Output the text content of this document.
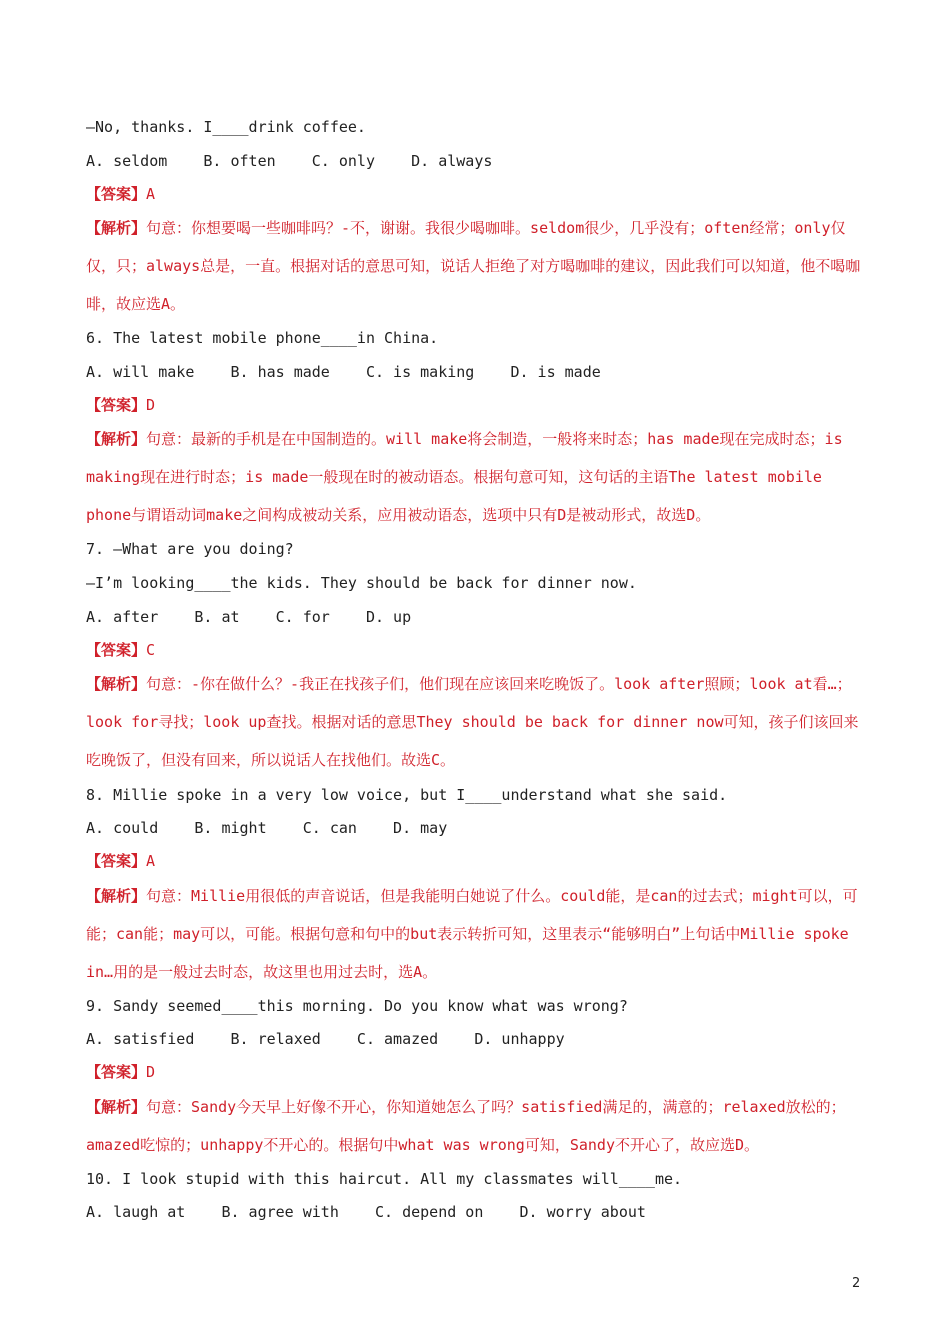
—No, thanks. I____drink coffee.
A. seldom    B. often    C. only    D. always
【答案】A
【解析】句意：你想要喝一些咖啡吗？-不，谢谢。我很少喝咖啡。seldom很少，几乎没有；often经常；only仅仅，只；always总是，一直。根据对话的意思可知，说话人拒绝了对方喝咖啡的建议，因此我们可以知道，他不喝咖啡，故应选A。
6. The latest mobile phone____in China.
A. will make    B. has made    C. is making    D. is made
【答案】D
【解析】句意：最新的手机是在中国制造的。will make将会制造，一般将来时态；has made现在完成时态；is making现在进行时态；is made一般现在时的被动语态。根据句意可知，这句话的主语The latest mobile phone与谓语动词make之间构成被动关系，应用被动语态，选项中只有D是被动形式，故选D。
7. —What are you doing?
—I’m looking____the kids. They should be back for dinner now.
A. after    B. at    C. for    D. up
【答案】C
【解析】句意：-你在做什么？-我正在找孩子们，他们现在应该回来吃晚饭了。look after照顾；look at看…；look for寻找；look up查找。根据对话的意思They should be back for dinner now可知，孩子们该回来吃晚饭了，但没有回来，所以说话人在找他们。故选C。
8. Millie spoke in a very low voice, but I____understand what she said.
A. could    B. might    C. can    D. may
【答案】A
【解析】句意：Millie用很低的声音说话，但是我能明白她说了什么。could能，是can的过去式；might可以，可能；can能；may可以，可能。根据句意和句中的but表示转折可知，这里表示“能够明白”上句话中Millie spoke in…用的是一般过去时态，故这里也用过去时，选A。
9. Sandy seemed____this morning. Do you know what was wrong?
A. satisfied    B. relaxed    C. amazed    D. unhappy
【答案】D
【解析】句意：Sandy今天早上好像不开心，你知道她怎么了吗？satisfied满足的，满意的；relaxed放松的；amazed吃惊的；unhappy不开心的。根据句中what was wrong可知，Sandy不开心了，故应选D。
10. I look stupid with this haircut. All my classmates will____me.
A. laugh at    B. agree with    C. depend on    D. worry about
2
